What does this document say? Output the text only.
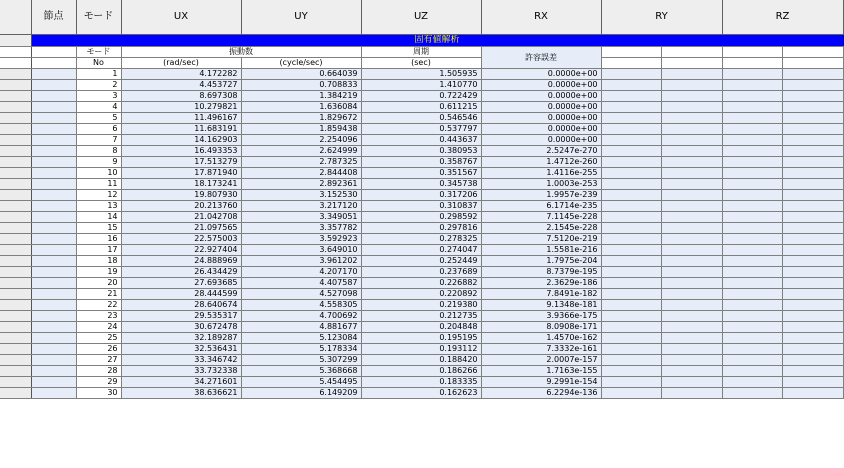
	節点	モード	UX	UY	UZ	RX	RY		RZ	
	固有値解析									
		モード	振動数		周期	許容誤差				
		No	(rad/sec)	(cycle/sec)	(sec)					
		1	4.172282	0.664039	1.505935	0.0000e+00				
		2	4.453727	0.708833	1.410770	0.0000e+00				
		3	8.697308	1.384219	0.722429	0.0000e+00				
		4	10.279821	1.636084	0.611215	0.0000e+00				
		5	11.496167	1.829672	0.546546	0.0000e+00				
		6	11.683191	1.859438	0.537797	0.0000e+00				
		7	14.162903	2.254096	0.443637	0.0000e+00				
		8	16.493353	2.624999	0.380953	2.5247e-270				
		9	17.513279	2.787325	0.358767	1.4712e-260				
		10	17.871940	2.844408	0.351567	1.4116e-255				
		11	18.173241	2.892361	0.345738	1.0003e-253				
		12	19.807930	3.152530	0.317206	1.9957e-239				
		13	20.213760	3.217120	0.310837	6.1714e-235				
		14	21.042708	3.349051	0.298592	7.1145e-228				
		15	21.097565	3.357782	0.297816	2.1545e-228				
		16	22.575003	3.592923	0.278325	7.5120e-219				
		17	22.927404	3.649010	0.274047	1.5581e-216				
		18	24.888969	3.961202	0.252449	1.7975e-204				
		19	26.434429	4.207170	0.237689	8.7379e-195				
		20	27.693685	4.407587	0.226882	2.3629e-186				
		21	28.444599	4.527098	0.220892	7.8491e-182				
		22	28.640674	4.558305	0.219380	9.1348e-181				
		23	29.535317	4.700692	0.212735	3.9366e-175				
		24	30.672478	4.881677	0.204848	8.0908e-171				
		25	32.189287	5.123084	0.195195	1.4570e-162				
		26	32.536431	5.178334	0.193112	7.3332e-161				
		27	33.346742	5.307299	0.188420	2.0007e-157				
		28	33.732338	5.368668	0.186266	1.7163e-155				
		29	34.271601	5.454495	0.183335	9.2991e-154				
		30	38.636621	6.149209	0.162623	6.2294e-136				
